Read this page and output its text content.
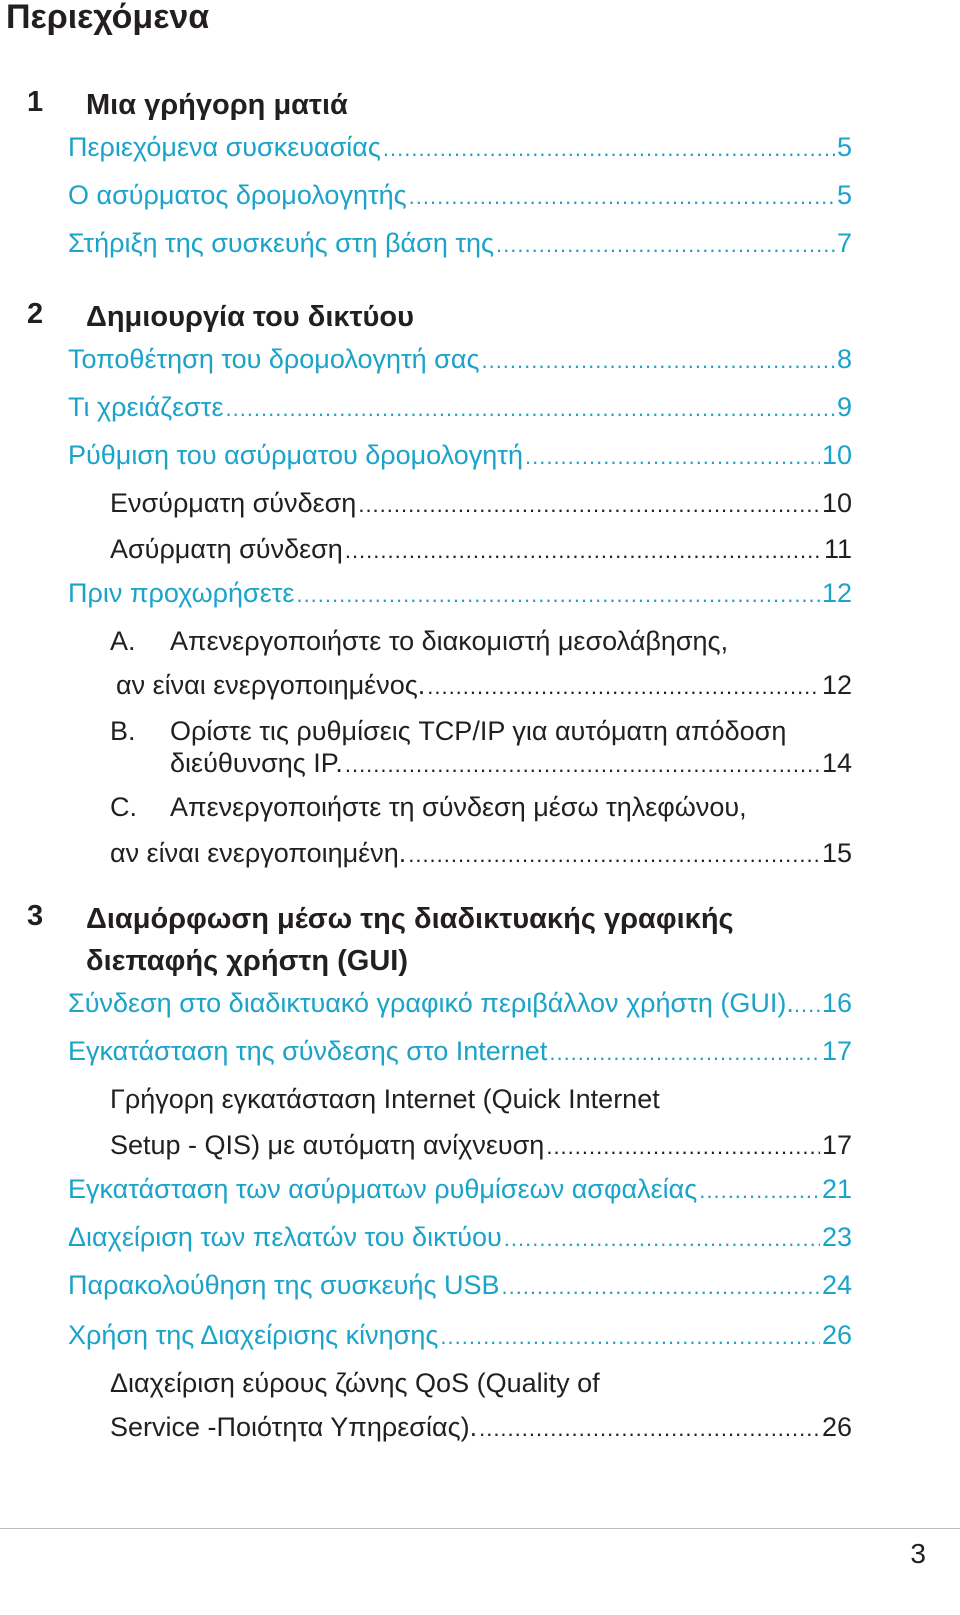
Περιεχόμενα
1 Μια γρήγορη ματιά
Περιεχόμενα συσκευασίας .....	5
Ο ασύρματος δρομολογητής .....	5
Στήριξη της συσκευής στη βάση της .....	7
2 Δημιουργία του δικτύου
Τοποθέτηση του δρομολογητή σας .....	8
Τι χρειάζεστε .....	9
Ρύθμιση του ασύρματου δρομολογητή .....	10
Ενσύρματη σύνδεση .....	10
Ασύρματη σύνδεση .....	11
Πριν προχωρήσετε .....	12
A. Απενεργοποιήστε το διακομιστή μεσολάβησης,
αν είναι ενεργοποιημένος. .....	12
B. Ορίστε τις ρυθμίσεις TCP/IP για αυτόματη απόδοση
διεύθυνσης IP. .....	14
C. Απενεργοποιήστε τη σύνδεση μέσω τηλεφώνου,
αν είναι ενεργοποιημένη. .....	15
3 Διαμόρφωση μέσω της διαδικτυακής γραφικής
διεπαφής χρήστη (GUI)
Σύνδεση στο διαδικτυακό γραφικό περιβάλλον χρήστη (GUI). ..... 16
Εγκατάσταση της σύνδεσης στο Internet .....	17
Γρήγορη εγκατάσταση Internet (Quick Internet
Setup - QIS) με αυτόματη ανίχνευση .....	17
Εγκατάσταση των ασύρματων ρυθμίσεων ασφαλείας .....	21
Διαχείριση των πελατών του δικτύου .....	23
Παρακολούθηση της συσκευής USB .....	24
Χρήση της Διαχείρισης κίνησης .....	26
Διαχείριση εύρους ζώνης QoS (Quality of
Service -Ποιότητα Υπηρεσίας). .....	26
3
